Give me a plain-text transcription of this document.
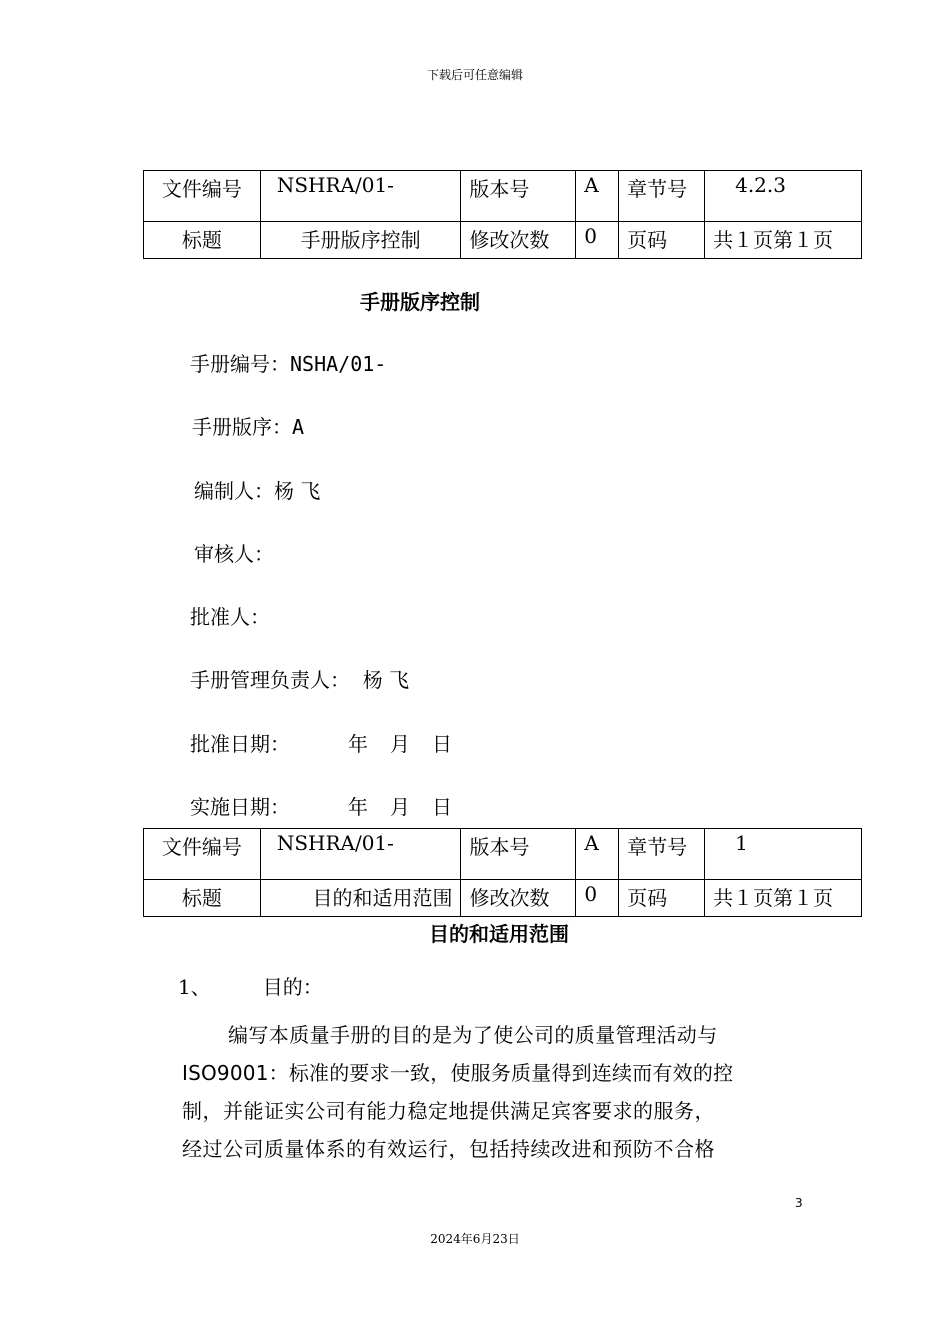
下载后可任意编辑
文件编号	NSHRA/01-	版本号	A	章节号	4.2.3
标题	手册版序控制	修改次数	0	页码	共１页第１页
手册版序控制
手册编号：NSHA/01-
手册版序：A
编制人：杨 飞
审核人：
批准人：
手册管理负责人： 杨 飞
批准日期：	年 月 日
实施日期：	年 月 日
文件编号	NSHRA/01-	版本号	A	章节号	1
标题	目的和适用范围	修改次数	0	页码	共１页第１页
目的和适用范围
1、	目的：
编写本质量手册的目的是为了使公司的质量管理活动与
ISO9001：标准的要求一致，使服务质量得到连续而有效的控
制，并能证实公司有能力稳定地提供满足宾客要求的服务，
经过公司质量体系的有效运行，包括持续改进和预防不合格
3
2024年6月23日
